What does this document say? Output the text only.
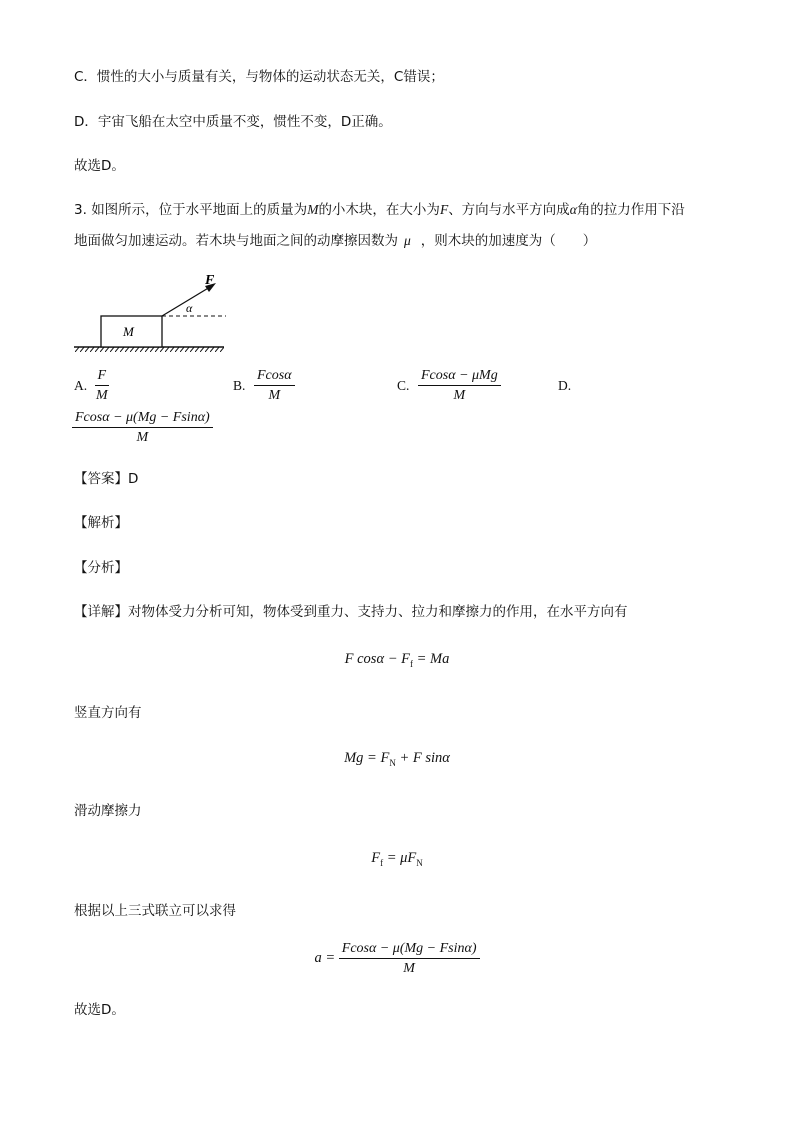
C．惯性的大小与质量有关，与物体的运动状态无关，C错误；
D．宇宙飞船在太空中质量不变，惯性不变，D正确。
故选D。
3. 如图所示，位于水平地面上的质量为M的小木块，在大小为F、方向与水平方向成α角的拉力作用下沿
地面做匀加速运动。若木块与地面之间的动摩擦因数为 μ ，则木块的加速度为（　　）
F
α
M
A. $\frac{F}{M}$	B. $\frac{Fcos\alpha}{M}$	C. $\frac{\text{Fcosα − μMg}}{M}$	D.
$\frac{Fcos\alpha - \mu(Mg - Fsin\alpha)}{M}$
【答案】D
【解析】
【分析】
【详解】对物体受力分析可知，物体受到重力、支持力、拉力和摩擦力的作用，在水平方向有
F $\cos\alpha - F_f = Ma$
竖直方向有
$Mg = F_N + F$ sinα
滑动摩擦力
$F_f = \mu F_N$
根据以上三式联立可以求得
$a = \frac{Fcos\alpha - \mu(Mg - Fsin\alpha)}{M}$
故选D。
